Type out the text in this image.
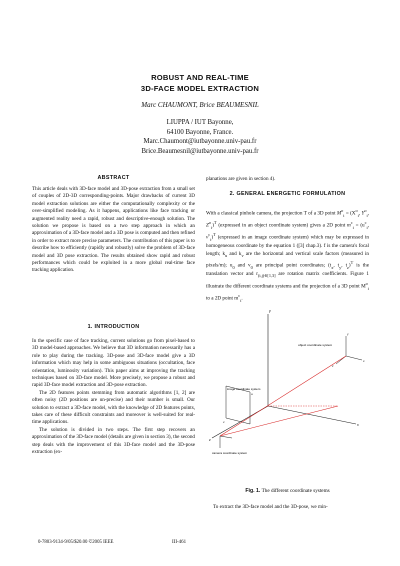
ROBUST AND REAL-TIME
3D-FACE MODEL EXTRACTION
Marc CHAUMONT, Brice BEAUMESNIL
LIUPPA / IUT Bayonne,
64100 Bayonne, France.
Marc.Chaumont@iutbayonne.univ-pau.fr
Brice.Beaumesnil@iutbayonne.univ-pau.fr
ABSTRACT

This article deals with 3D-face model and 3D-pose extraction from a small set of couples of 2D-3D corresponding-points. Major drawbacks of current 3D model extraction solutions are either the computationally complexity or the over-simplified modeling. As it happens, applications like face tracking or augmented reality need a rapid, robust and descriptive-enough solution. The solution we propose is based on a two step approach in which an approximation of a 3D-face model and a 3D pose is computed and then refined in order to extract more precise parameters. The contribution of this paper is to describe how to efficiently (rapidly and robustly) solve the problem of 3D-face model and 3D pose extraction. The results obtained show rapid and robust performances which could be exploited in a more global real-time face tracking application.

1. INTRODUCTION

In the specific case of face tracking, current solutions go from pixel-based to 3D model-based approaches. We believe that 3D information necessarily has a role to play during the tracking. 3D-pose and 3D-face model give a 3D information which may help in some ambiguous situations (occultation, face orientation, luminosity variation). This paper aims at improving the tracking techniques based on 3D-face model. More precisely, we propose a robust and rapid 3D-face model extraction and 3D-pose extraction.

The 2D features points stemming from automatic algorithms [1, 2] are often noisy (2D positions are un-precise) and their number is small. Our solution to extract a 3D-face model, with the knowledge of 2D features points, takes care of these difficult constraints and moreover is well-suited for real-time applications.

The solution is divided in two steps. The first step recovers an approximation of the 3D-face model (details are given in section 3), the second step deals with the improvement of this 3D-face model and the 3D-pose extraction (ex-

planations are given in section 4).

2. GENERAL ENERGETIC FORMULATION

With a classical pinhole camera, the projection T of a 3D point $M^o_i = (X^o_i$, $Y^o_i$, $Z^o_i)^T$ (expressed in an object coordinate system) gives a 2D point $m^c_i = (u^c_i$, $v^c_i)^T$ (expressed in an image coordinate system) which may be expressed in homogeneous coordinate by the equation 1 ([3] chap.3). f is the camera's focal length; $k_u$ and $k_v$ are the horizontal and vertical scale factors (measured in pixels/m); $u_0$ and $v_0$ are principal point coordinates; ($t_x$, $t_y$, $t_z)^T$ is the translation vector and $r_{(i,j)\in[1,3]}$ are rotation matrix coefficients. Figure 1 illustrate the different coordinate systems and the projection of a 3D point $M^o_i$ to a 2D point $m^c_i$.

y
x
z
object coordinate system
y
x
z
image coordinate system
u
v
camera coordinate system
Fig. 1. The different coordinate systems

To extract the 3D-face model and the 3D-pose, we min-

0-7803-9134-9/05/$20.00 ©2005 IEEE	III-461
